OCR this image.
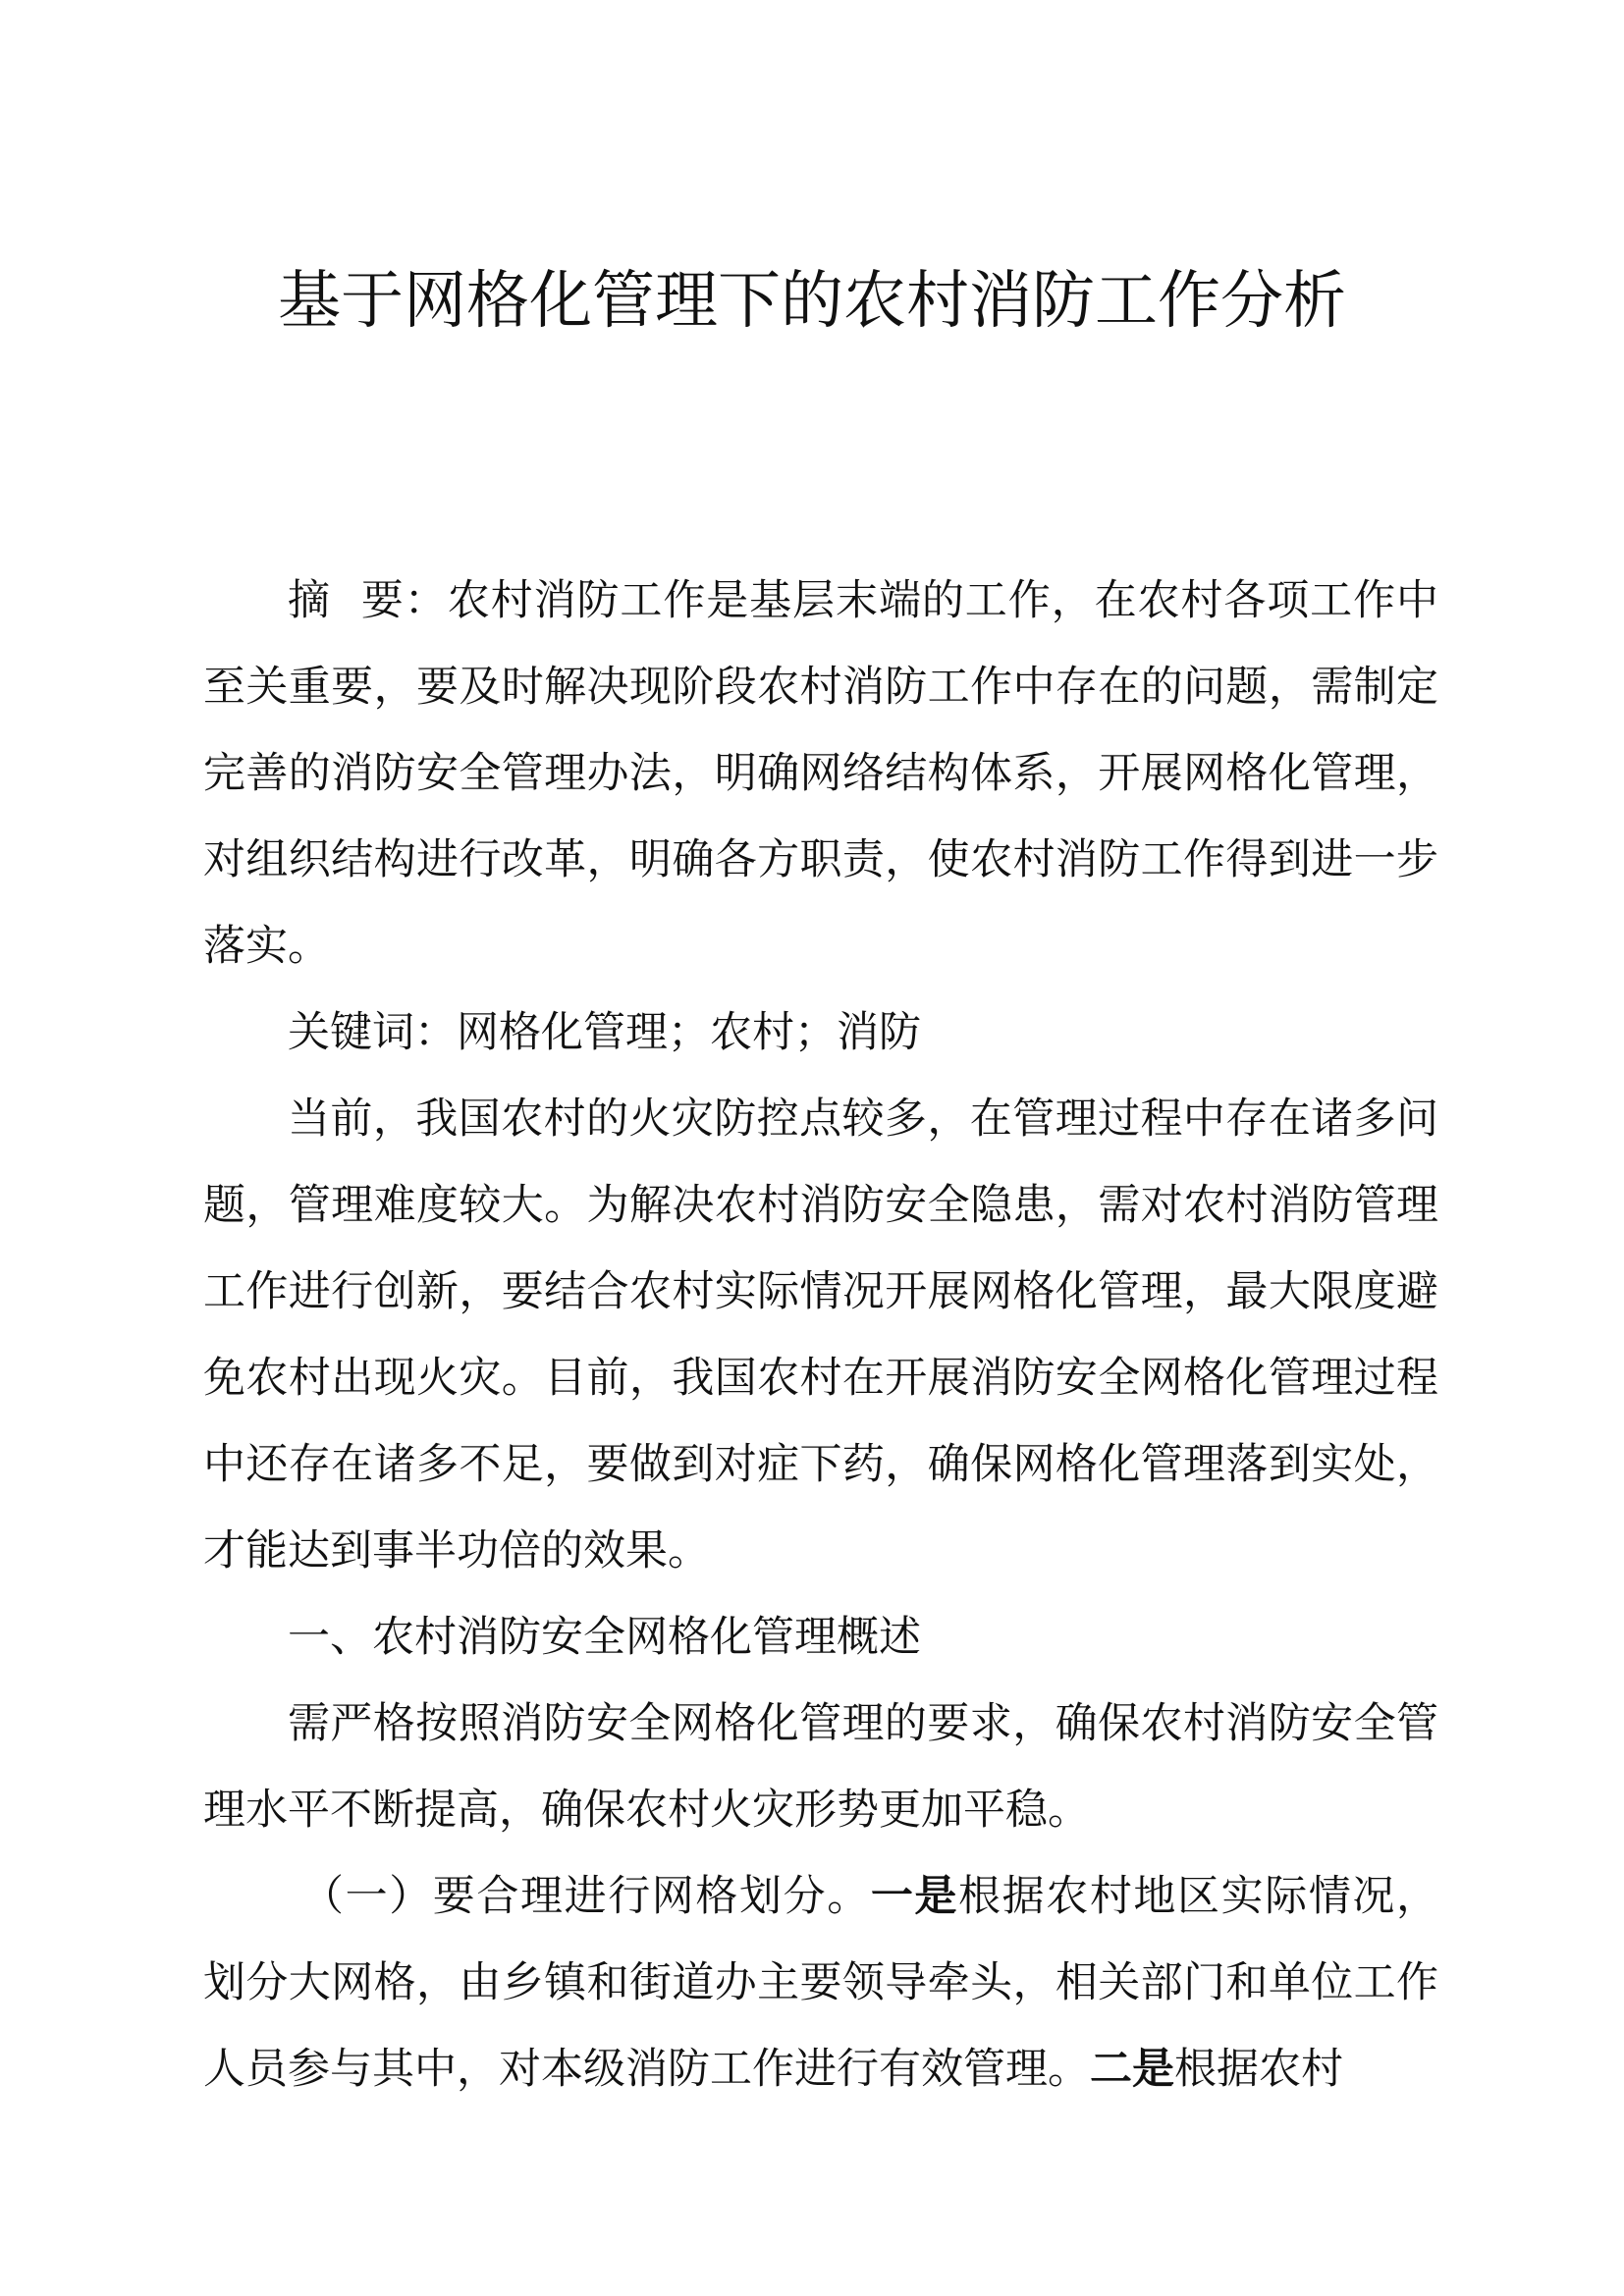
基于网格化管理下的农村消防工作分析

摘 要：农村消防工作是基层末端的工作，在农村各项工作中至关重要，要及时解决现阶段农村消防工作中存在的问题，需制定完善的消防安全管理办法，明确网络结构体系，开展网格化管理，对组织结构进行改革，明确各方职责，使农村消防工作得到进一步落实。

关键词：网格化管理；农村；消防

当前，我国农村的火灾防控点较多，在管理过程中存在诸多问题，管理难度较大。为解决农村消防安全隐患，需对农村消防管理工作进行创新，要结合农村实际情况开展网格化管理，最大限度避免农村出现火灾。目前，我国农村在开展消防安全网格化管理过程中还存在诸多不足，要做到对症下药，确保网格化管理落到实处，才能达到事半功倍的效果。

一、农村消防安全网格化管理概述

需严格按照消防安全网格化管理的要求，确保农村消防安全管理水平不断提高，确保农村火灾形势更加平稳。

（一）要合理进行网格划分。一是根据农村地区实际情况，划分大网格，由乡镇和街道办主要领导牵头，相关部门和单位工作人员参与其中，对本级消防工作进行有效管理。二是根据农村
